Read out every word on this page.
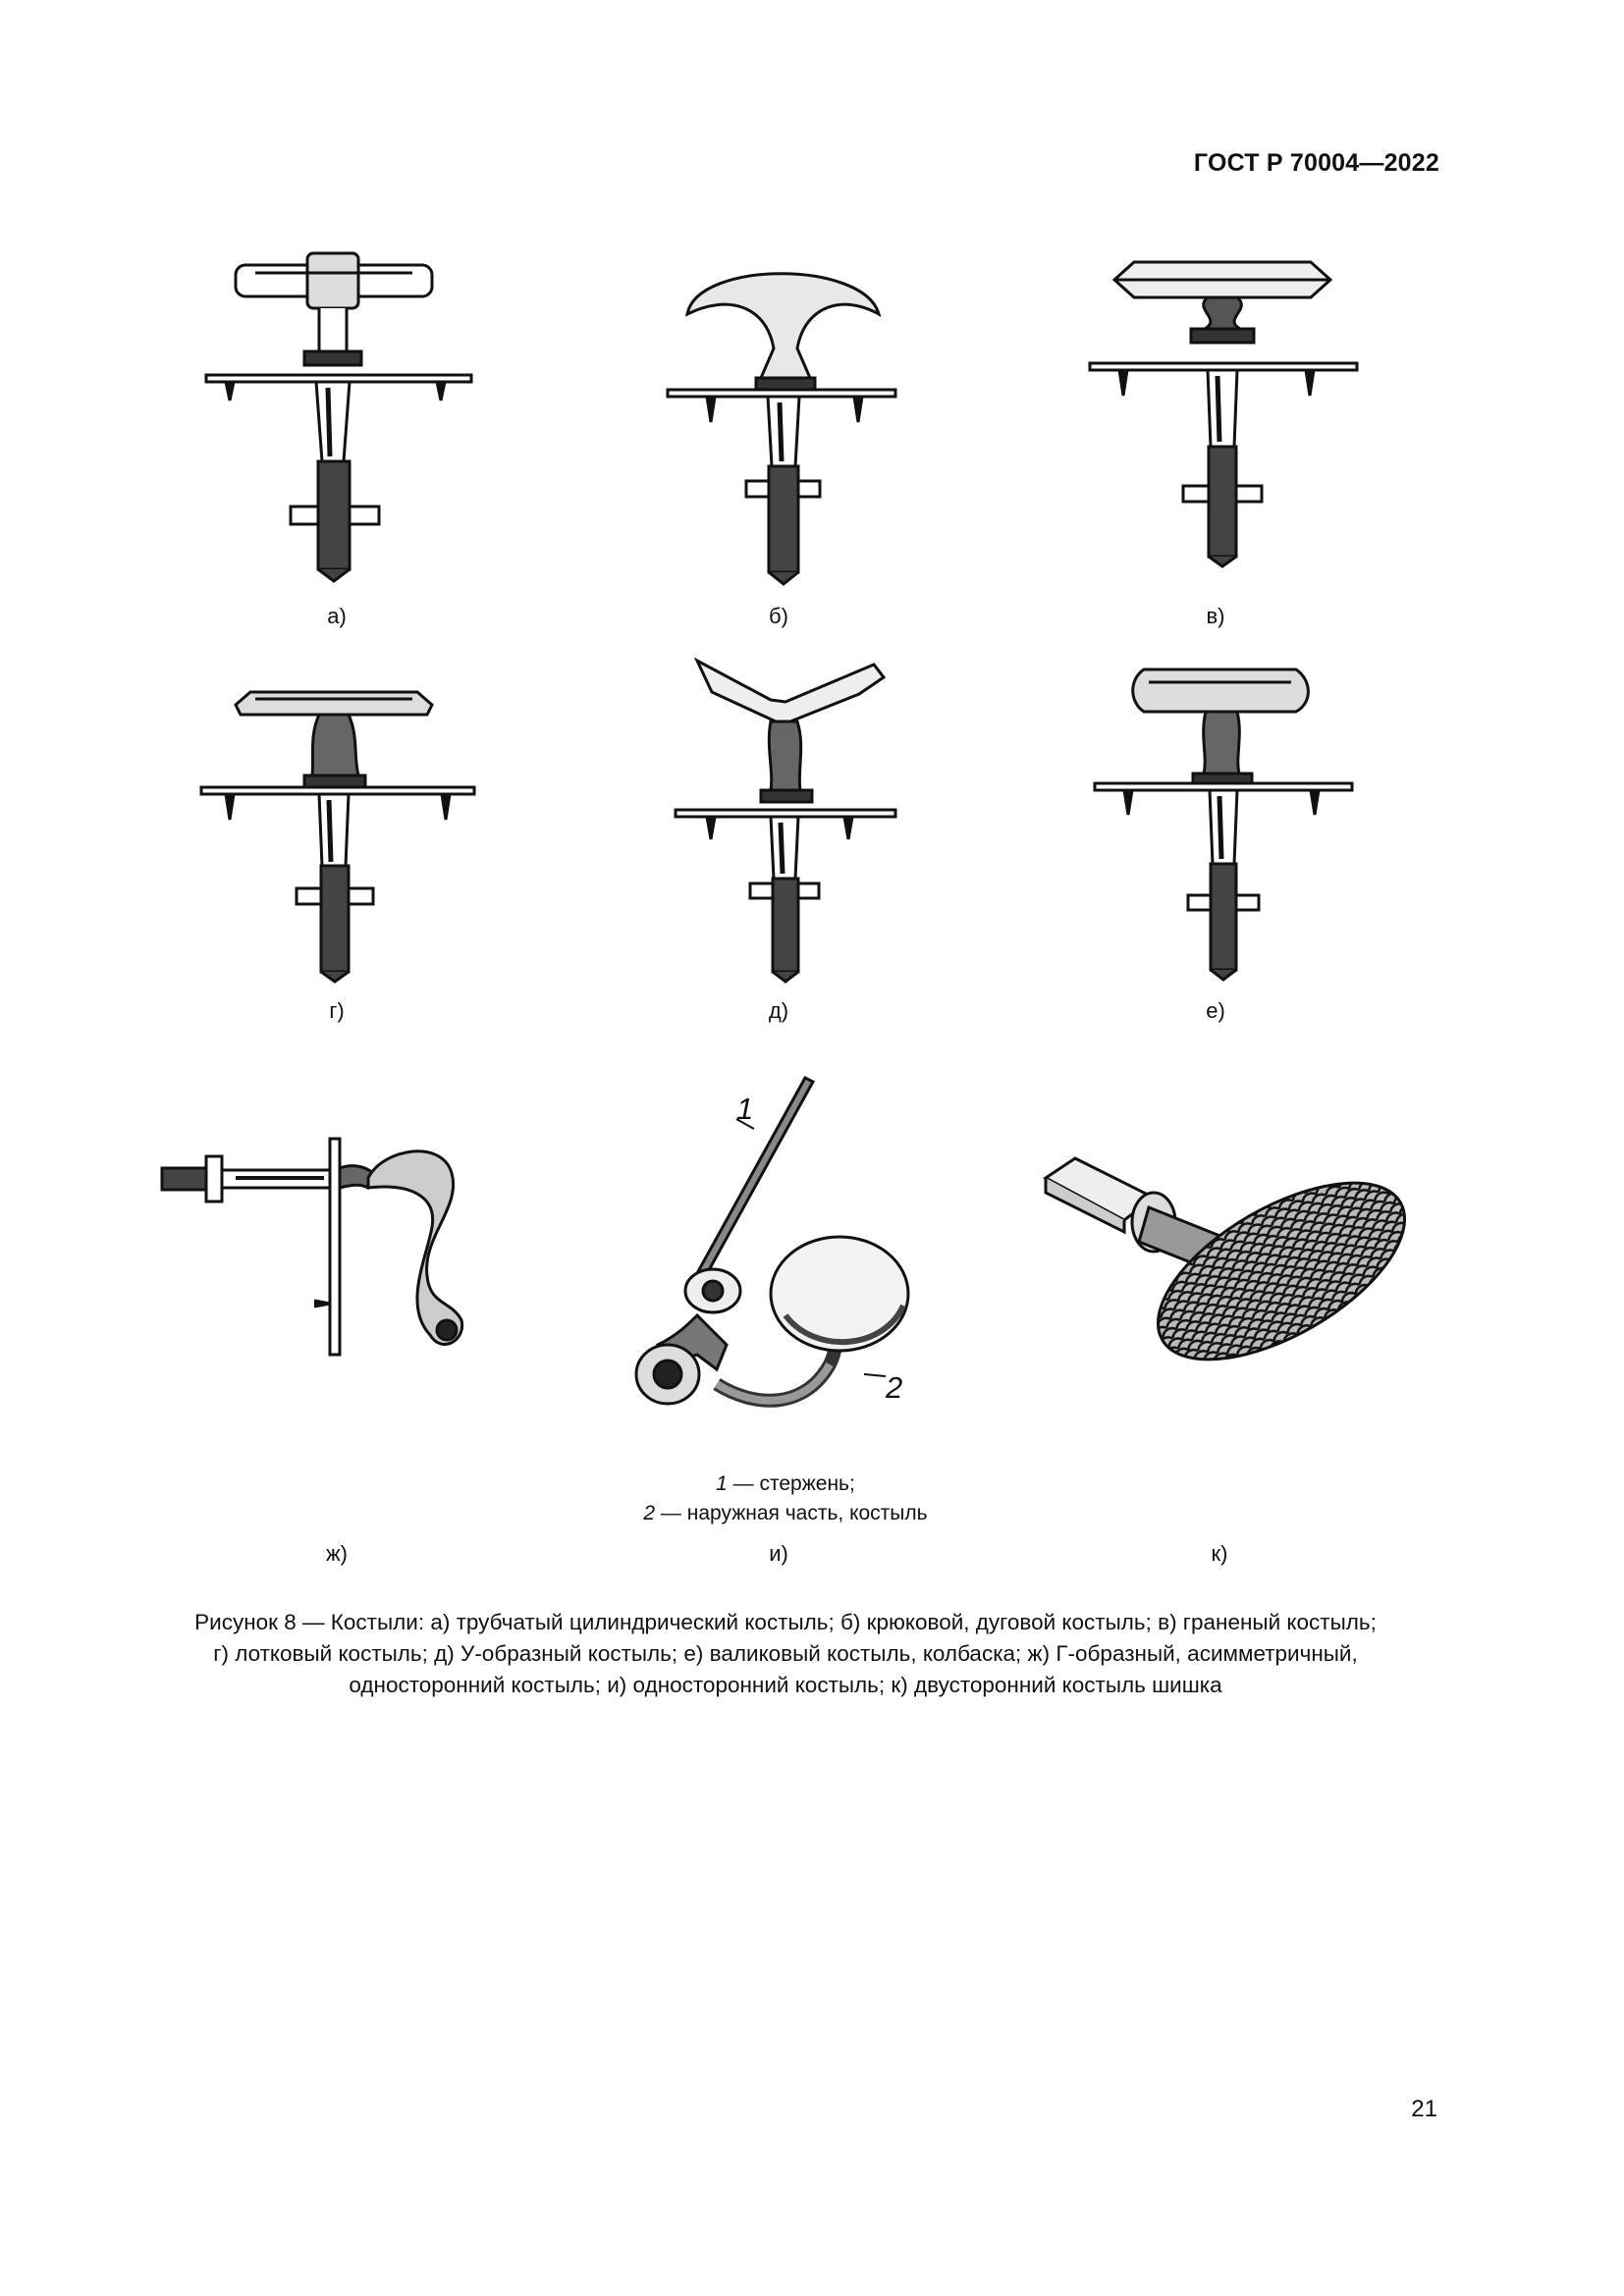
ГОСТ Р 70004—2022
а)	б)	в)
г)	д)	е)
ж)
1
2
1 — стержень;
2 — наружная часть, костыль
и)	к)
Рисунок 8 — Костыли: а) трубчатый цилиндрический костыль; б) крюковой, дуговой костыль; в) граненый костыль;
г) лотковый костыль; д) У-образный костыль; е) валиковый костыль, колбаска; ж) Г-образный, асимметричный,
односторонний костыль; и) односторонний костыль; к) двусторонний костыль шишка
21
